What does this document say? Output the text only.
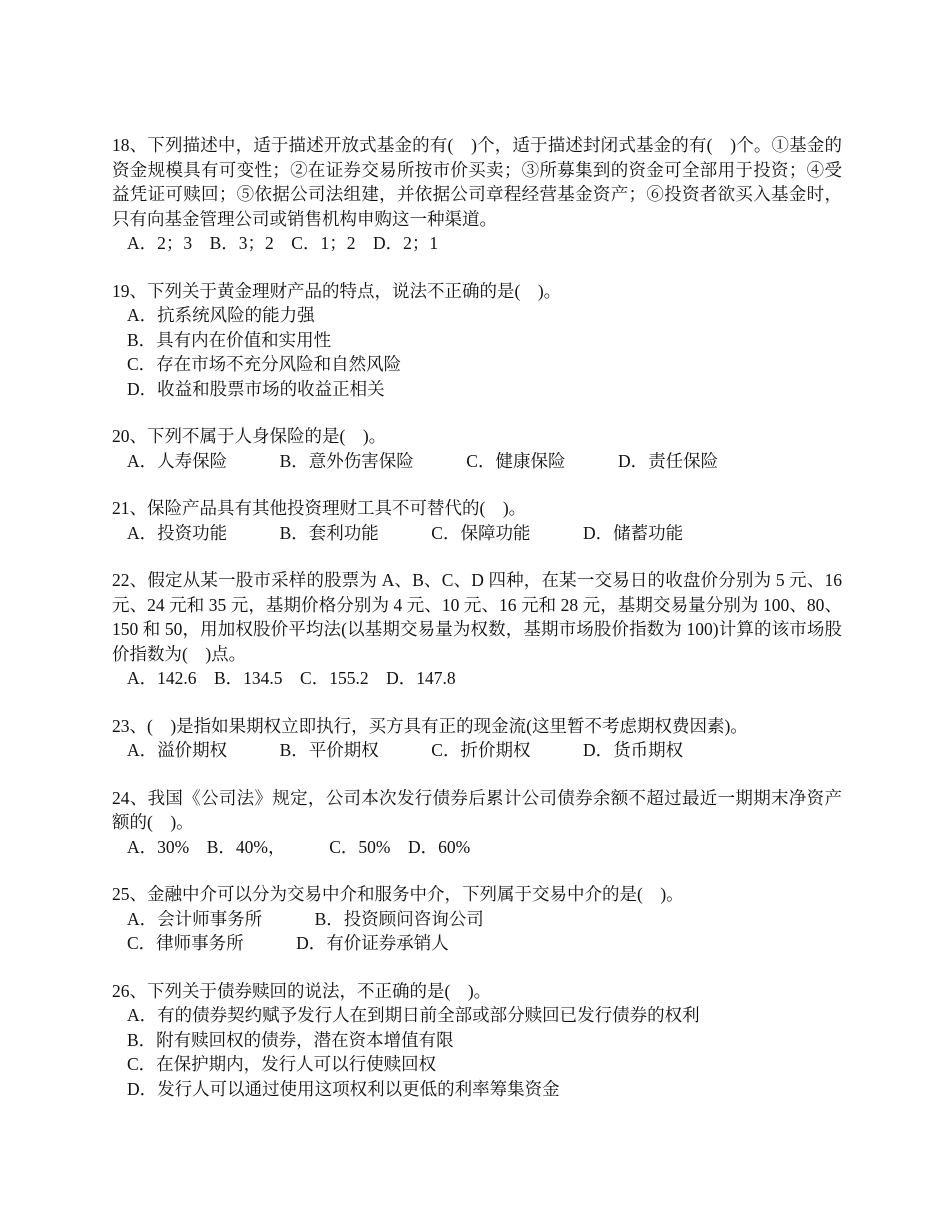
18、下列描述中，适于描述开放式基金的有(　)个，适于描述封闭式基金的有(　)个。①基金的资金规模具有可变性；②在证券交易所按市价买卖；③所募集到的资金可全部用于投资；④受益凭证可赎回；⑤依据公司法组建，并依据公司章程经营基金资产；⑥投资者欲买入基金时，只有向基金管理公司或销售机构申购这一种渠道。
A．2；3　B．3；2　C．1；2　D．2；1
19、下列关于黄金理财产品的特点，说法不正确的是(　)。
A．抗系统风险的能力强
B．具有内在价值和实用性
C．存在市场不充分风险和自然风险
D．收益和股票市场的收益正相关
20、下列不属于人身保险的是(　)。
A．人寿保险　　　B．意外伤害保险　　　C．健康保险　　　D．责任保险
21、保险产品具有其他投资理财工具不可替代的(　)。
A．投资功能　　　B．套利功能　　　C．保障功能　　　D．储蓄功能
22、假定从某一股市采样的股票为 A、B、C、D 四种，在某一交易日的收盘价分别为 5 元、16 元、24 元和 35 元，基期价格分别为 4 元、10 元、16 元和 28 元，基期交易量分别为 100、80、150 和 50，用加权股价平均法(以基期交易量为权数，基期市场股价指数为 100)计算的该市场股价指数为(　)点。
A．142.6　B．134.5　C．155.2　D．147.8
23、(　)是指如果期权立即执行，买方具有正的现金流(这里暂不考虑期权费因素)。
A．溢价期权　　　B．平价期权　　　C．折价期权　　　D．货币期权
24、我国《公司法》规定，公司本次发行债券后累计公司债券余额不超过最近一期期末净资产额的(　)。
A．30%　B．40%，　　　C．50%　D．60%
25、金融中介可以分为交易中介和服务中介，下列属于交易中介的是(　)。
A．会计师事务所　　　B．投资顾问咨询公司
C．律师事务所　　　D．有价证券承销人
26、下列关于债券赎回的说法，不正确的是(　)。
A．有的债券契约赋予发行人在到期日前全部或部分赎回已发行债券的权利
B．附有赎回权的债券，潜在资本增值有限
C．在保护期内，发行人可以行使赎回权
D．发行人可以通过使用这项权利以更低的利率筹集资金
